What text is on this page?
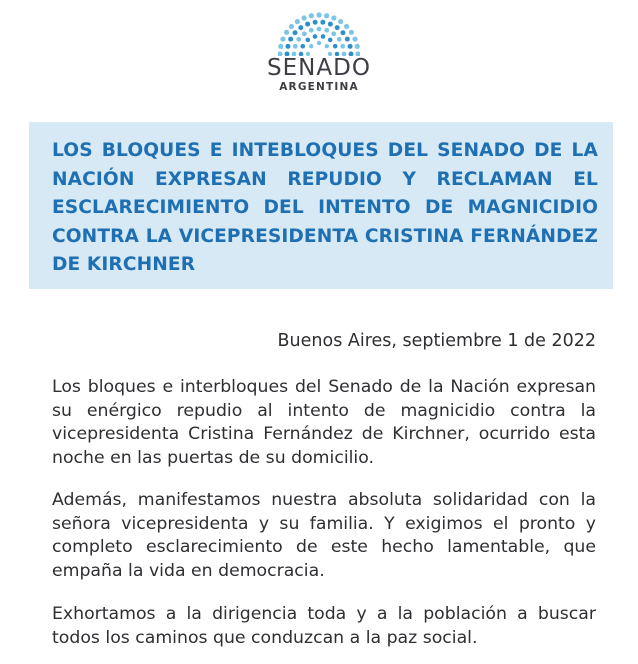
SENADO
ARGENTINA
LOS BLOQUES E INTEBLOQUES DEL SENADO DE LA NACIÓN EXPRESAN REPUDIO Y RECLAMAN EL ESCLARECIMIENTO DEL INTENTO DE MAGNICIDIO CONTRA LA VICEPRESIDENTA CRISTINA FERNÁNDEZ DE KIRCHNER
Buenos Aires, septiembre 1 de 2022

Los bloques e interbloques del Senado de la Nación expresan su enérgico repudio al intento de magnicidio contra la vicepresidenta Cristina Fernández de Kirchner, ocurrido esta noche en las puertas de su domicilio.

Además, manifestamos nuestra absoluta solidaridad con la señora vicepresidenta y su familia. Y exigimos el pronto y completo esclarecimiento de este hecho lamentable, que empaña la vida en democracia.

Exhortamos a la dirigencia toda y a la población a buscar todos los caminos que conduzcan a la paz social.
